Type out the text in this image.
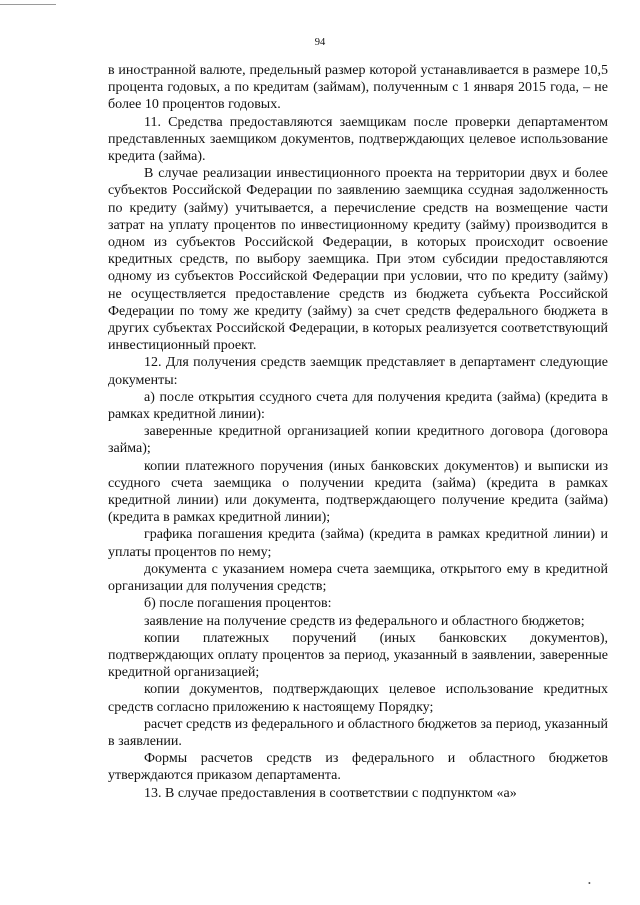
94

в иностранной валюте, предельный размер которой устанавливается в размере 10,5 процента годовых, а по кредитам (займам), полученным с 1 января 2015 года, – не более 10 процентов годовых.

11. Средства предоставляются заемщикам после проверки департаментом представленных заемщиком документов, подтверждающих целевое использование кредита (займа).

В случае реализации инвестиционного проекта на территории двух и более субъектов Российской Федерации по заявлению заемщика ссудная задолженность по кредиту (займу) учитывается, а перечисление средств на возмещение части затрат на уплату процентов по инвестиционному кредиту (займу) производится в одном из субъектов Российской Федерации, в которых происходит освоение кредитных средств, по выбору заемщика. При этом субсидии предоставляются одному из субъектов Российской Федерации при условии, что по кредиту (займу) не осуществляется предоставление средств из бюджета субъекта Российской Федерации по тому же кредиту (займу) за счет средств федерального бюджета в других субъектах Российской Федерации, в которых реализуется соответствующий инвестиционный проект.

12. Для получения средств заемщик представляет в департамент следующие документы:

а) после открытия ссудного счета для получения кредита (займа) (кредита в рамках кредитной линии):

заверенные кредитной организацией копии кредитного договора (договора займа);

копии платежного поручения (иных банковских документов) и выписки из ссудного счета заемщика о получении кредита (займа) (кредита в рамках кредитной линии) или документа, подтверждающего получение кредита (займа) (кредита в рамках кредитной линии);

графика погашения кредита (займа) (кредита в рамках кредитной линии) и уплаты процентов по нему;

документа с указанием номера счета заемщика, открытого ему в кредитной организации для получения средств;

б) после погашения процентов:

заявление на получение средств из федерального и областного бюджетов;

копии платежных поручений (иных банковских документов), подтверждающих оплату процентов за период, указанный в заявлении, заверенные кредитной организацией;

копии документов, подтверждающих целевое использование кредитных средств согласно приложению к настоящему Порядку;

расчет средств из федерального и областного бюджетов за период, указанный в заявлении.

Формы расчетов средств из федерального и областного бюджетов утверждаются приказом департамента.

13. В случае предоставления в соответствии с подпунктом «а»

•
